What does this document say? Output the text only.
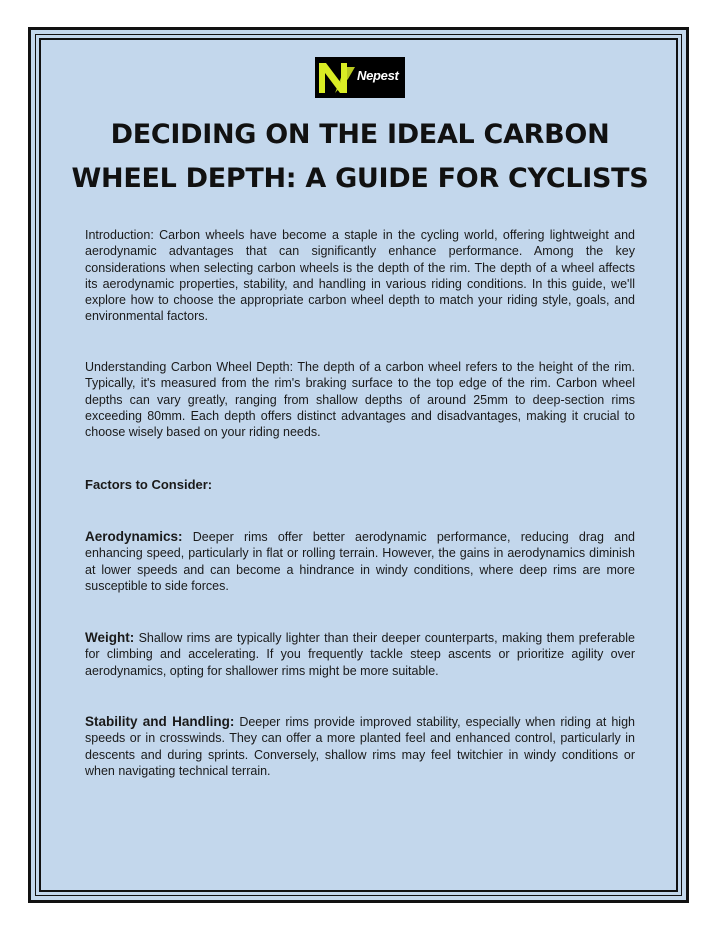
Nepest
DECIDING ON THE IDEAL CARBON WHEEL DEPTH: A GUIDE FOR CYCLISTS

Introduction: Carbon wheels have become a staple in the cycling world, offering lightweight and aerodynamic advantages that can significantly enhance performance. Among the key considerations when selecting carbon wheels is the depth of the rim. The depth of a wheel affects its aerodynamic properties, stability, and handling in various riding conditions. In this guide, we'll explore how to choose the appropriate carbon wheel depth to match your riding style, goals, and environmental factors.

Understanding Carbon Wheel Depth: The depth of a carbon wheel refers to the height of the rim. Typically, it's measured from the rim's braking surface to the top edge of the rim. Carbon wheel depths can vary greatly, ranging from shallow depths of around 25mm to deep-section rims exceeding 80mm. Each depth offers distinct advantages and disadvantages, making it crucial to choose wisely based on your riding needs.

Factors to Consider:

Aerodynamics: Deeper rims offer better aerodynamic performance, reducing drag and enhancing speed, particularly in flat or rolling terrain. However, the gains in aerodynamics diminish at lower speeds and can become a hindrance in windy conditions, where deep rims are more susceptible to side forces.

Weight: Shallow rims are typically lighter than their deeper counterparts, making them preferable for climbing and accelerating. If you frequently tackle steep ascents or prioritize agility over aerodynamics, opting for shallower rims might be more suitable.

Stability and Handling: Deeper rims provide improved stability, especially when riding at high speeds or in crosswinds. They can offer a more planted feel and enhanced control, particularly in descents and during sprints. Conversely, shallow rims may feel twitchier in windy conditions or when navigating technical terrain.
